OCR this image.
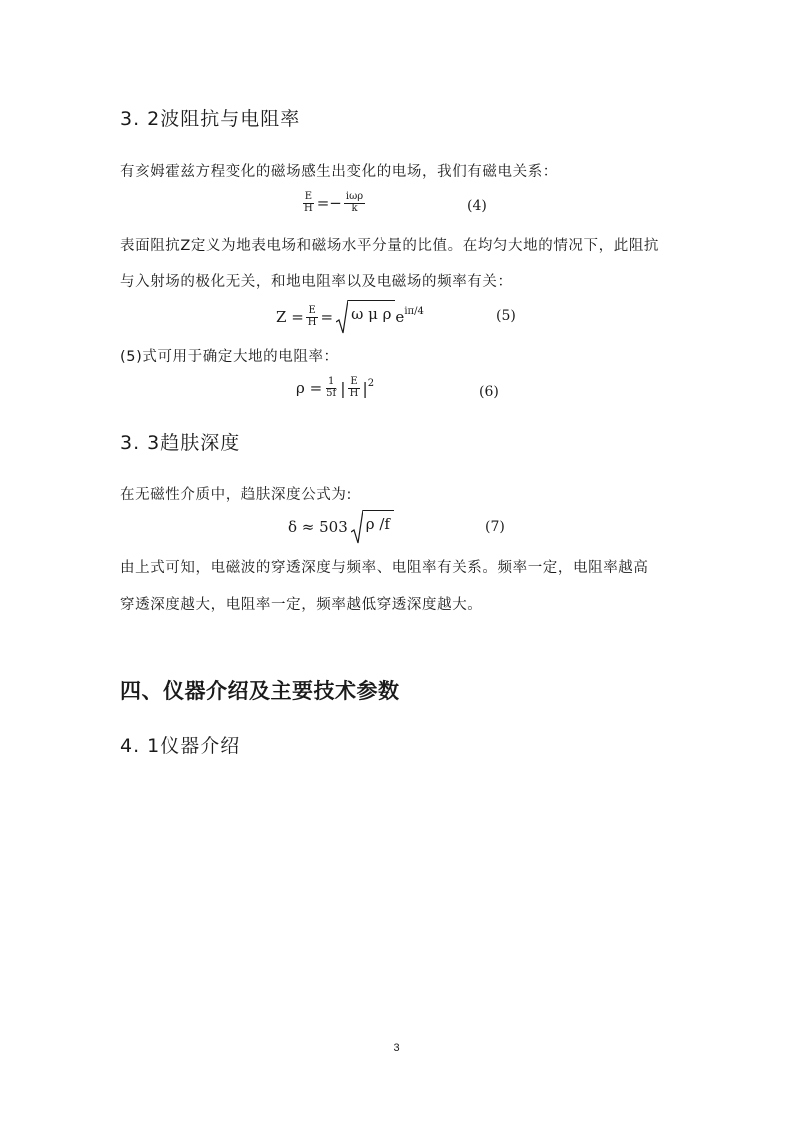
3. 2波阻抗与电阻率
有亥姆霍兹方程变化的磁场感生出变化的电场，我们有磁电关系：
$\frac{E}{H} =- \frac{\text{iωρ}}{k}$	(4)
表面阻抗Z定义为地表电场和磁场水平分量的比值。在均匀大地的情况下，此阻抗
与入射场的极化无关，和地电阻率以及电磁场的频率有关：
$Z = \frac{E}{H} = \omega$ μ ρ $e^{i\pi/4}$	(5)
(5)式可用于确定大地的电阻率：
$\rho = \frac{1}{5f}$ | $\frac{E}{H} |^2$
(6)
3. 3趋肤深度
在无磁性介质中，趋肤深度公式为:
δ ≈ 503 ρ /f	(7)
由上式可知，电磁波的穿透深度与频率、电阻率有关系。频率一定，电阻率越高
穿透深度越大，电阻率一定，频率越低穿透深度越大。
四、仪器介绍及主要技术参数
4. 1仪器介绍
3
